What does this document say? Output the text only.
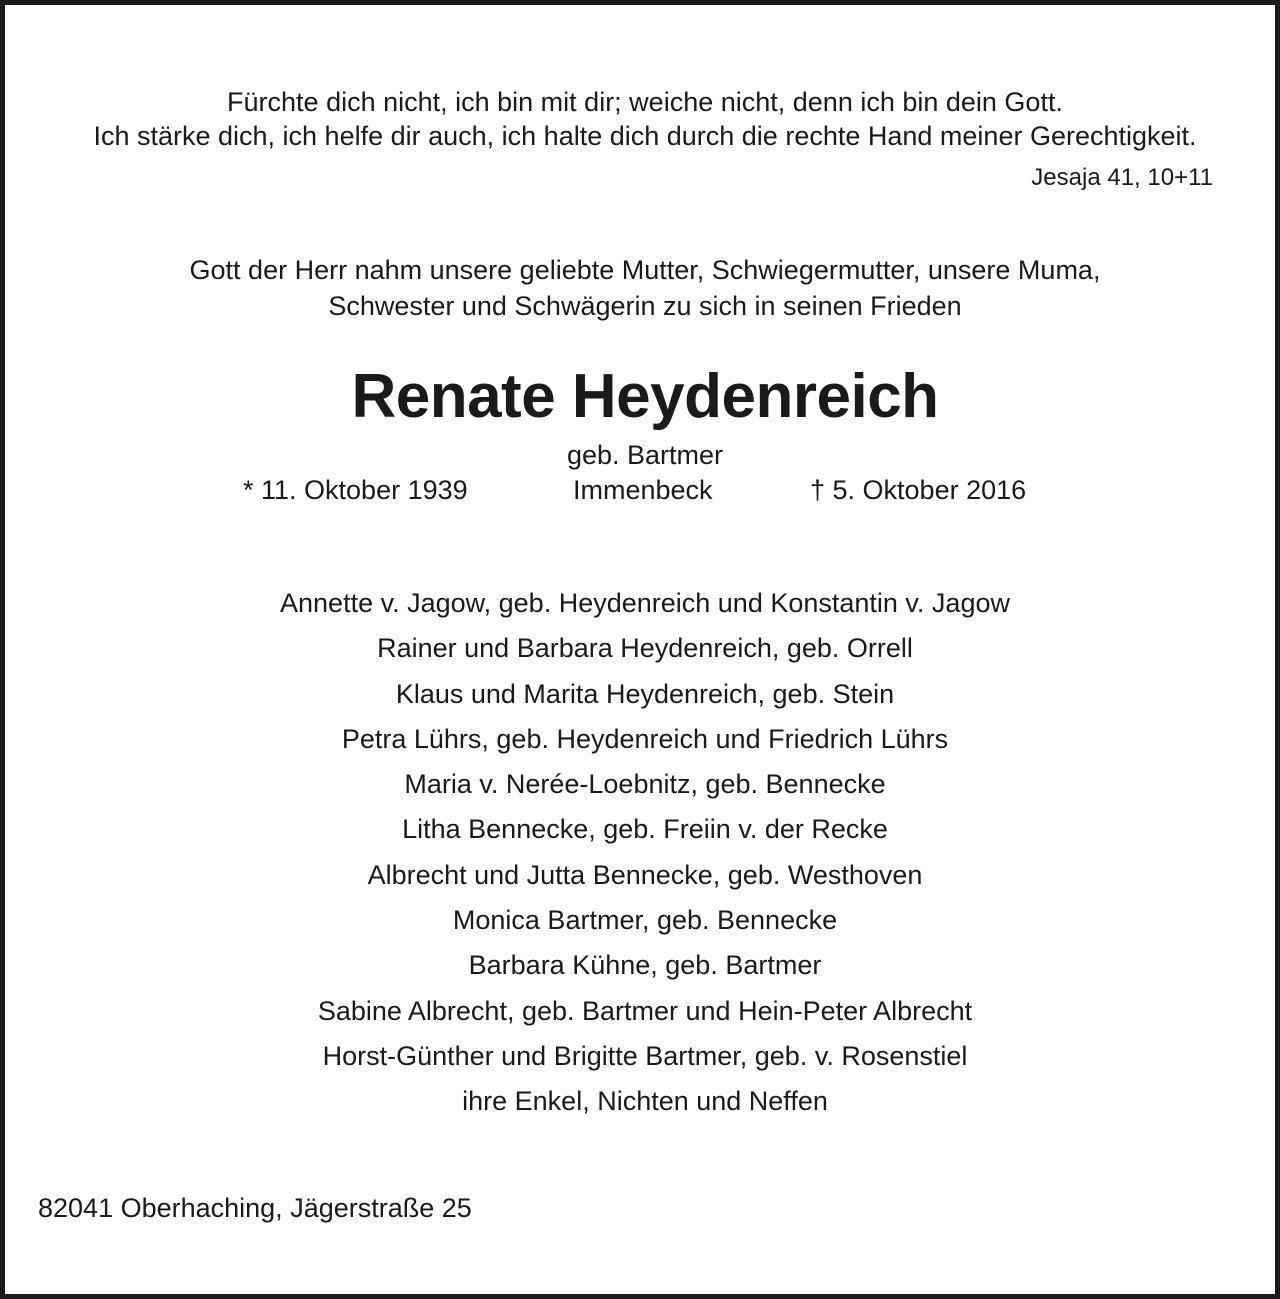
Fürchte dich nicht, ich bin mit dir; weiche nicht, denn ich bin dein Gott.
Ich stärke dich, ich helfe dir auch, ich halte dich durch die rechte Hand meiner Gerechtigkeit.
Jesaja 41, 10+11
Gott der Herr nahm unsere geliebte Mutter, Schwiegermutter, unsere Muma,
Schwester und Schwägerin zu sich in seinen Frieden
Renate Heydenreich
geb. Bartmer
* 11. Oktober 1939	Immenbeck	† 5. Oktober 2016
Annette v. Jagow, geb. Heydenreich und Konstantin v. Jagow
Rainer und Barbara Heydenreich, geb. Orrell
Klaus und Marita Heydenreich, geb. Stein
Petra Lührs, geb. Heydenreich und Friedrich Lührs
Maria v. Nerée-Loebnitz, geb. Bennecke
Litha Bennecke, geb. Freiin v. der Recke
Albrecht und Jutta Bennecke, geb. Westhoven
Monica Bartmer, geb. Bennecke
Barbara Kühne, geb. Bartmer
Sabine Albrecht, geb. Bartmer und Hein-Peter Albrecht
Horst-Günther und Brigitte Bartmer, geb. v. Rosenstiel
ihre Enkel, Nichten und Neffen
82041 Oberhaching, Jägerstraße 25
